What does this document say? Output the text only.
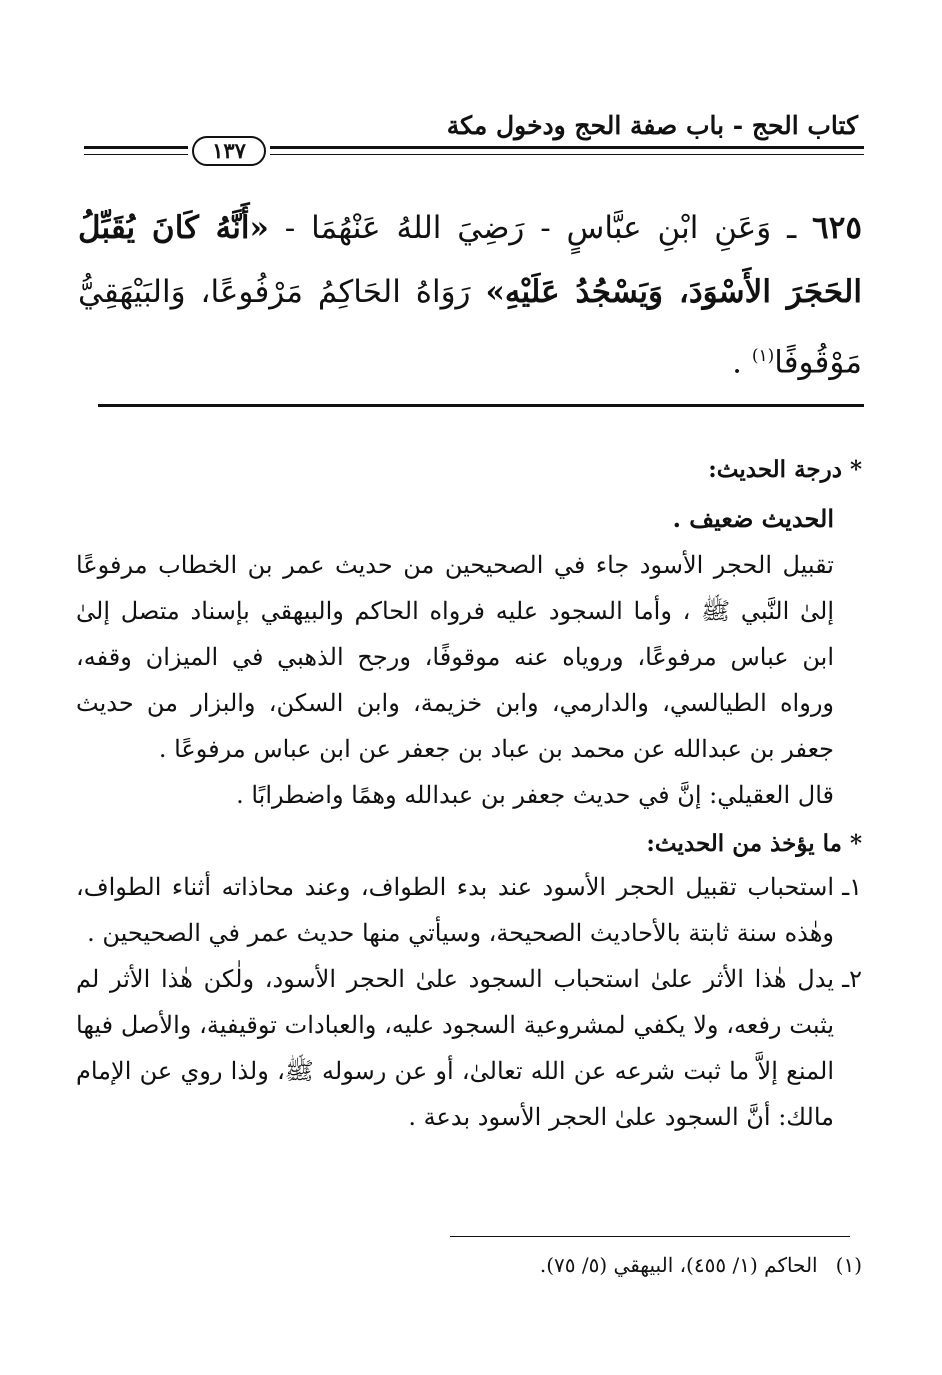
كتاب الحج - باب صفة الحج ودخول مكة
١٣٧
٦٢٥ ـ وَعَنِ ابْنِ عبَّاسٍ - رَضِيَ اللهُ عَنْهُمَا - «أَنَّهُ كَانَ يُقَبِّلُ الحَجَرَ الأَسْوَدَ، وَيَسْجُدُ عَلَيْهِ» رَوَاهُ الحَاكِمُ مَرْفُوعًا، وَالبَيْهَقِيُّ مَوْقُوفًا$^{(١)}$ .
* درجة الحديث:
الحديث ضعيف .
تقبيل الحجر الأسود جاء في الصحيحين من حديث عمر بن الخطاب مرفوعًا إلىٰ النَّبي ﷺ ، وأما السجود عليه فرواه الحاكم والبيهقي بإسناد متصل إلىٰ ابن عباس مرفوعًا، ورويا‌ه عنه موقوفًا، ورجح الذهبي في الميزان وقفه، ورواه الطيالسي، والدارمي، وابن خزيمة، وابن السكن، والبزار من حديث جعفر بن عبدالله عن محمد بن عباد بن جعفر عن ابن عباس مرفوعًا .
قال العقيلي: إنَّ في حديث جعفر بن عبدالله وهمًا واضطرابًا .
* ما يؤخذ من الحديث:
١ـ
استحباب تقبيل الحجر الأسود عند بدء الطواف، وعند محاذاته أثناء الطواف، وهٰذه سنة ثابتة بالأحاديث الصحيحة، وسيأتي منها حديث عمر في الصحيحين .
٢ـ
يدل هٰذا الأثر علىٰ استحباب السجود علىٰ الحجر الأسود، ولٰكن هٰذا الأثر لم يثبت رفعه، ولا يكفي لمشروعية السجود عليه، والعبادات توقيفية، والأصل فيها المنع إلاَّ ما ثبت شرعه عن الله تعالىٰ، أو عن رسوله ﷺ، ولذا روي عن الإمام مالك: أنَّ السجود علىٰ الحجر الأسود بدعة .
(١)الحاكم (١/ ٤٥٥)، البيهقي (٥/ ٧٥).
